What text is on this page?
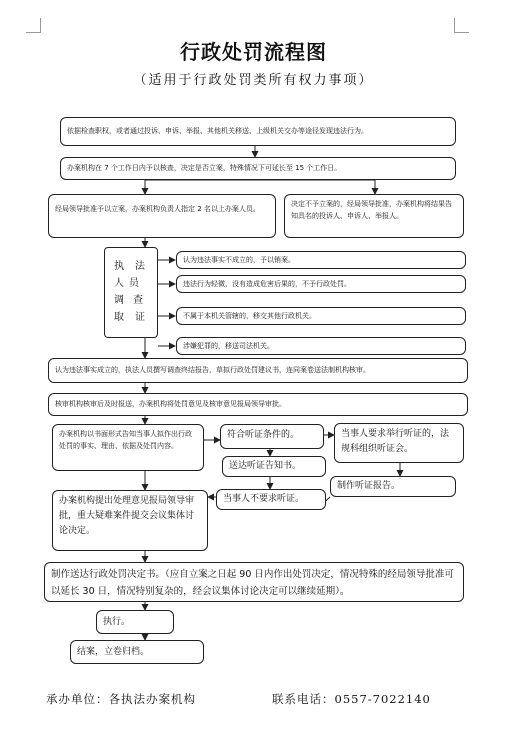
行政处罚流程图
（适用于行政处罚类所有权力事项）
依据检查职权，或者通过投诉、申诉、举报、其他机关移送、上级机关交办等途径发现违法行为。
办案机构在 7 个工作日内予以核查，决定是否立案，特殊情况下可延长至 15 个工作日。
经局领导批准予以立案，办案机构负责人指定 2 名以上办案人员。
决定不予立案的，经局领导批准，办案机构将结果告知具名的投诉人、申诉人、举报人。
执 法
人 员
调 查
取 证
认为违法事实不成立的，予以销案。
违法行为轻微，没有造成危害后果的，不予行政处罚。
不属于本机关管辖的，移交其他行政机关。
涉嫌犯罪的，移送司法机关。
认为违法事实成立的，执法人员撰写调查终结报告，草拟行政处罚建议书，连同案卷送法制机构核审。
核审机构核审后及时报送，办案机构将处罚意见及核审意见报局领导审批。
办案机构以书面形式告知当事人拟作出行政处罚的事实、理由、依据及处罚内容。
符合听证条件的。
送达听证告知书。
当事人不要求听证。
当事人要求举行听证的，法规科组织听证会。
制作听证报告。
办案机构提出处理意见报局领导审批，重大疑难案件提交会议集体讨论决定。
制作送达行政处罚决定书。（应自立案之日起 90 日内作出处罚决定，情况特殊的经局领导批准可以延长 30 日，情况特别复杂的，经会议集体讨论决定可以继续延期）。
执行。
结案，立卷归档。
承办单位：各执法办案机构	联系电话：0557-7022140
